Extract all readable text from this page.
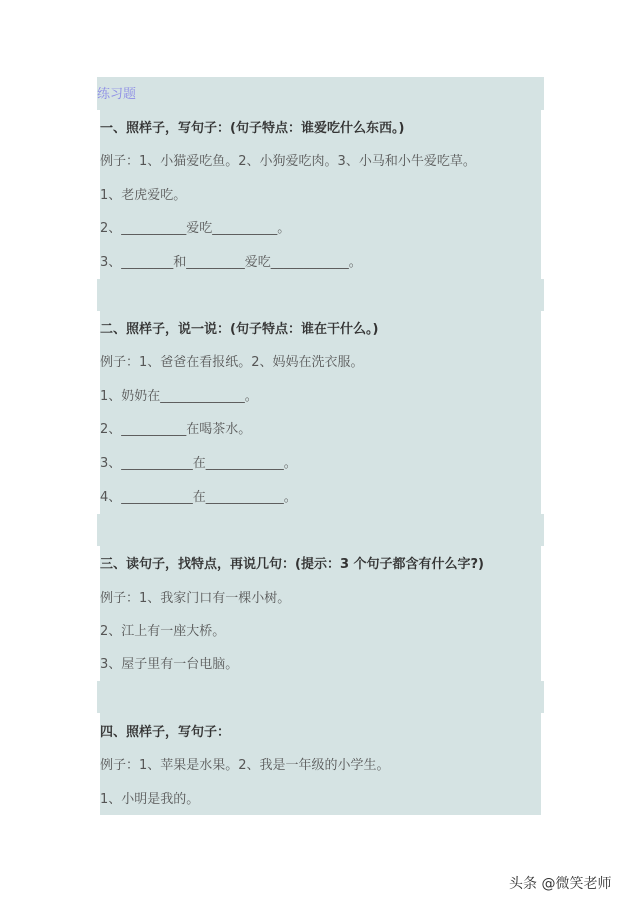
练习题
一、照样子，写句子：(句子特点：谁爱吃什么东西。)
例子：1、小猫爱吃鱼。2、小狗爱吃肉。3、小马和小牛爱吃草。
1、老虎爱吃。
2、__________爱吃__________。
3、________和_________爱吃____________。
二、照样子，说一说：(句子特点：谁在干什么。)
例子：1、爸爸在看报纸。2、妈妈在洗衣服。
1、奶奶在_____________。
2、__________在喝茶水。
3、___________在____________。
4、___________在____________。
三、读句子，找特点，再说几句：(提示：3 个句子都含有什么字?)
例子：1、我家门口有一棵小树。
2、江上有一座大桥。
3、屋子里有一台电脑。
四、照样子，写句子：
例子：1、苹果是水果。2、我是一年级的小学生。
1、小明是我的。
头条 @微笑老师
